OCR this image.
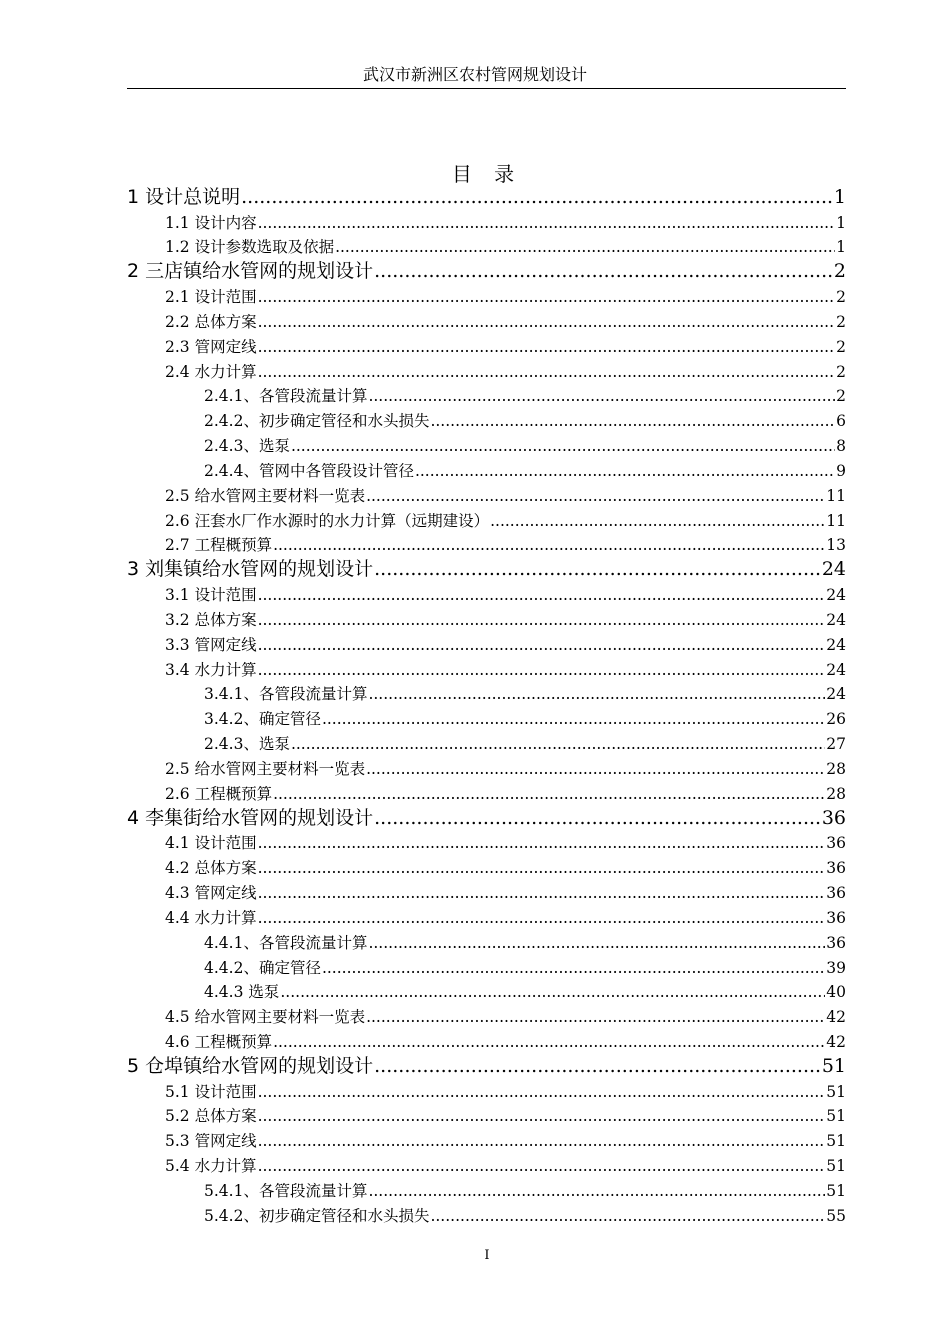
武汉市新洲区农村管网规划设计
目 录
1 设计总说明 .....	1
1.1 设计内容 .....	1
1.2 设计参数选取及依据 .....	1
2 三店镇给水管网的规划设计 .....	2
2.1 设计范围 .....	2
2.2 总体方案 .....	2
2.3 管网定线 .....	2
2.4 水力计算 .....	2
2.4.1、各管段流量计算 .....	2
2.4.2、初步确定管径和水头损失 .....	6
2.4.3、选泵 .....	8
2.4.4、管网中各管段设计管径 .....	9
2.5 给水管网主要材料一览表 .....	11
2.6 汪套水厂作水源时的水力计算（远期建设） .....	11
2.7 工程概预算 .....	13
3 刘集镇给水管网的规划设计 .....	24
3.1 设计范围 .....	24
3.2 总体方案 .....	24
3.3 管网定线 .....	24
3.4 水力计算 .....	24
3.4.1、各管段流量计算 .....	24
3.4.2、确定管径 .....	26
2.4.3、选泵 .....	27
2.5 给水管网主要材料一览表 .....	28
2.6 工程概预算 .....	28
4 李集街给水管网的规划设计 .....	36
4.1 设计范围 .....	36
4.2 总体方案 .....	36
4.3 管网定线 .....	36
4.4 水力计算 .....	36
4.4.1、各管段流量计算 .....	36
4.4.2、确定管径 .....	39
4.4.3 选泵 .....	40
4.5 给水管网主要材料一览表 .....	42
4.6 工程概预算 .....	42
5 仓埠镇给水管网的规划设计 .....	51
5.1 设计范围 .....	51
5.2 总体方案 .....	51
5.3 管网定线 .....	51
5.4 水力计算 .....	51
5.4.1、各管段流量计算 .....	51
5.4.2、初步确定管径和水头损失 .....	55
I
